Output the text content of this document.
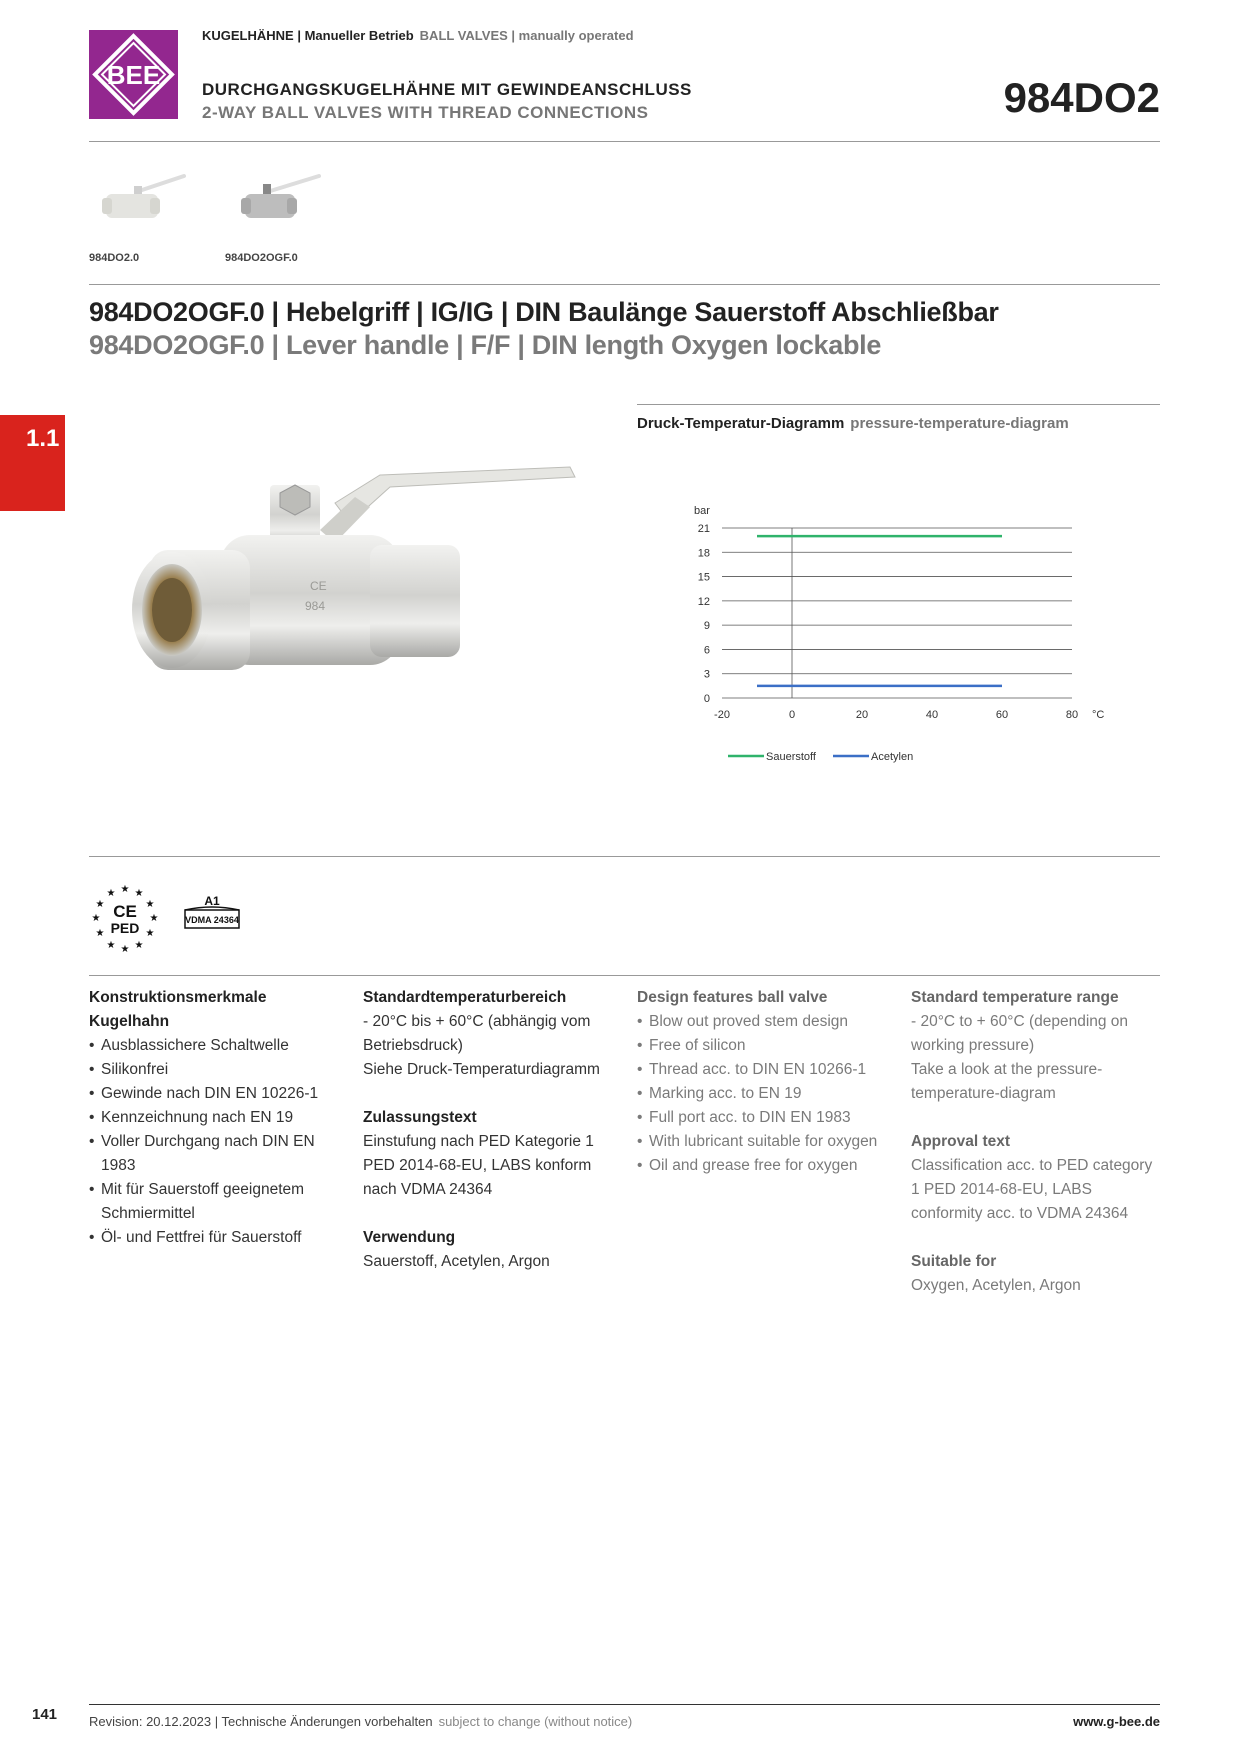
BEE
KUGELHÄHNE | Manueller Betrieb BALL VALVES | manually operated
DURCHGANGSKUGELHÄHNE MIT GEWINDEANSCHLUSS
2-WAY BALL VALVES WITH THREAD CONNECTIONS	984DO2
984DO2.0	984DO2OGF.0
984DO2OGF.0 | Hebelgriff | IG/IG | DIN Baulänge Sauerstoff Abschließbar
984DO2OGF.0 | Lever handle | F/F | DIN length Oxygen lockable
1.1
CE
984
Druck-Temperatur-Diagramm pressure-temperature-diagram
0
3
6
9
12
15
18
21
-20	0	20	40	60	80
bar
°C
Sauerstoff	Acetylen
★
★ ★
★	★
★	★
★	★
★ ★
★
CE
PED
A1
VDMA 24364
Konstruktionsmerkmale Kugelhahn
• Ausblassichere Schaltwelle
• Silikonfrei
• Gewinde nach DIN EN 10226-1
• Kennzeichnung nach EN 19
• Voller Durchgang nach DIN EN 1983
• Mit für Sauerstoff geeignetem Schmiermittel
• Öl- und Fettfrei für Sauerstoff
Standardtemperaturbereich
- 20°C bis + 60°C (abhängig vom Betriebsdruck)
Siehe Druck-Temperaturdiagramm
Zulassungstext
Einstufung nach PED Kategorie 1 PED 2014-68-EU, LABS konform nach VDMA 24364
Verwendung
Sauerstoff, Acetylen, Argon
Design features ball valve
• Blow out proved stem design
• Free of silicon
• Thread acc. to DIN EN 10266-1
• Marking acc. to EN 19
• Full port acc. to DIN EN 1983
• With lubricant suitable for oxygen
• Oil and grease free for oxygen
Standard temperature range
- 20°C to + 60°C (depending on working pressure)
Take a look at the pressure-temperature-diagram
Approval text
Classification acc. to PED category 1 PED 2014-68-EU, LABS conformity acc. to VDMA 24364
Suitable for
Oxygen, Acetylen, Argon
141 Revision: 20.12.2023 | Technische Änderungen vorbehalten subject to change (without notice)	www.g-bee.de
